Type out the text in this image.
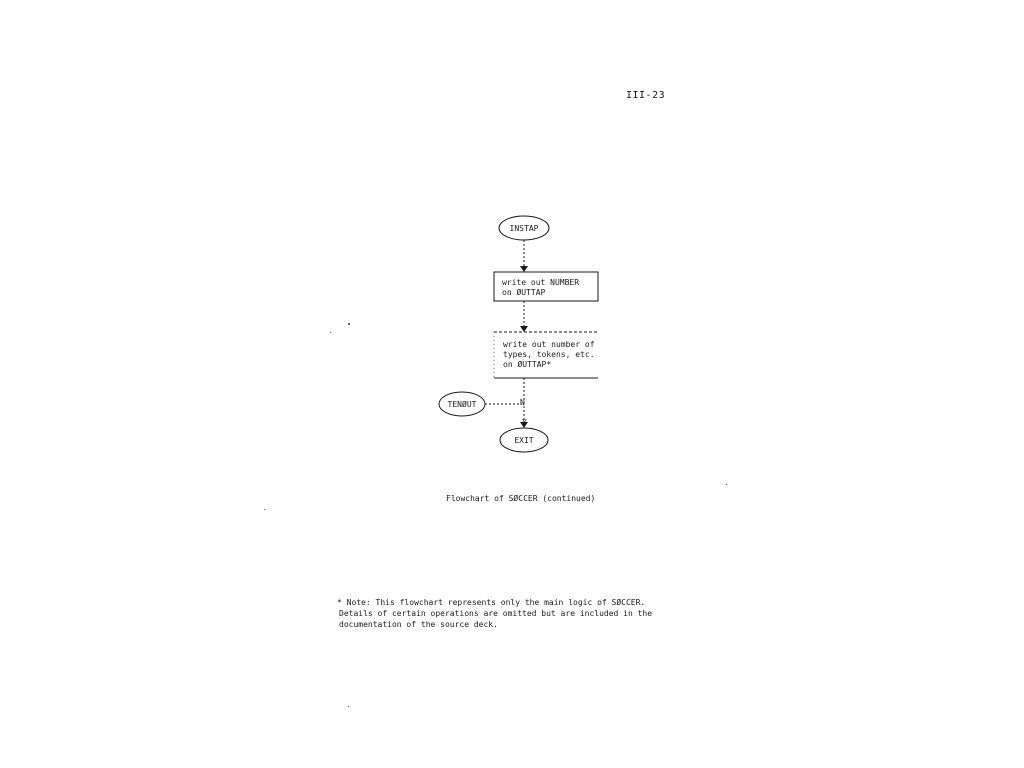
III-23
INSTAP
write out NUMBER
on ØUTTAP
write out number of
types, tokens, etc.
on ØUTTAP*
TENØUT	N
Y
EXIT
Flowchart of SØCCER (continued)
* Note: This flowchart represents only the main logic of SØCCER.
Details of certain operations are omitted but are included in the
documentation of the source deck.
